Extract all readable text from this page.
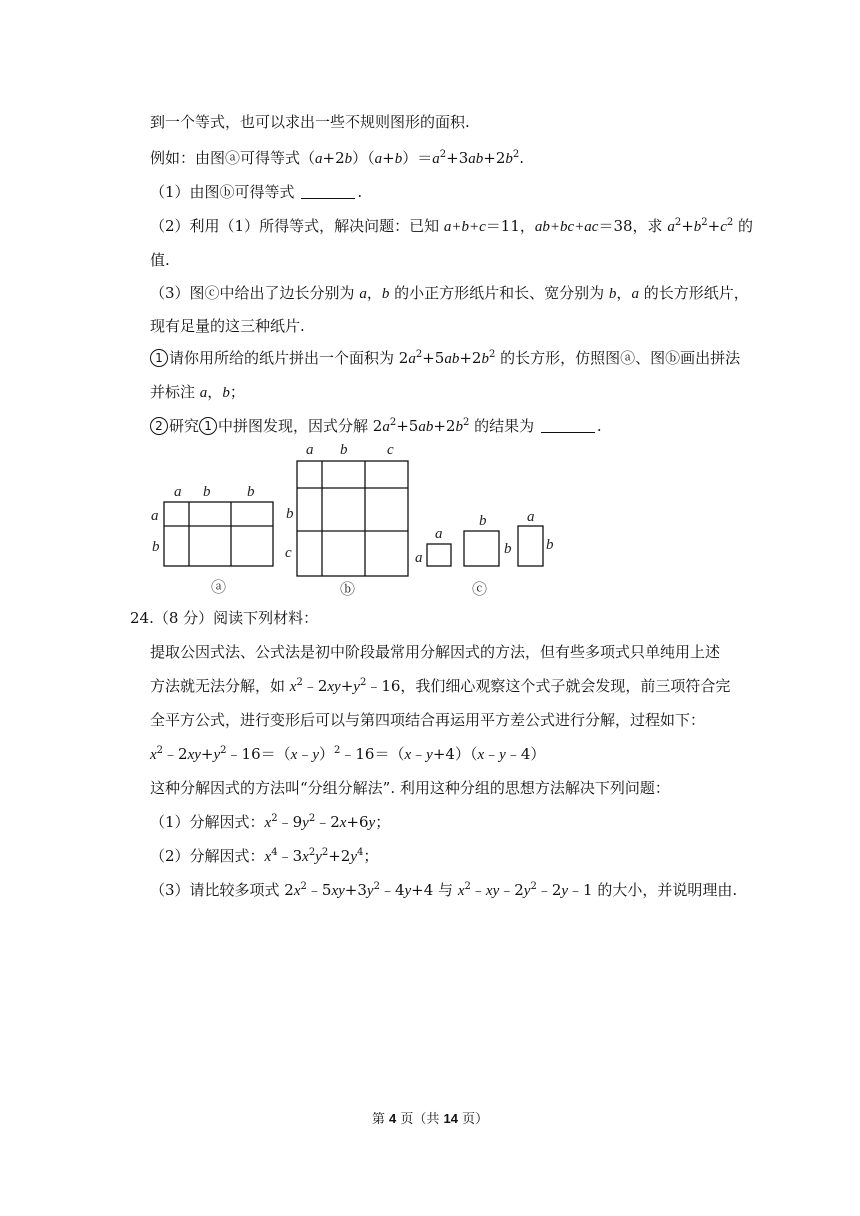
到一个等式，也可以求出一些不规则图形的面积.
例如：由图ⓐ可得等式$(a+2b)(a+b)=a^2+3ab+2b^2$.
（1）由图ⓑ可得等式	.
（2）利用（1）所得等式，解决问题：已知 a+b+c＝11，ab+bc+ac＝38，求 $a^2+b^2+c^2$ 的
值.
（3）图ⓒ中给出了边长分别为 a，b 的小正方形纸片和长、宽分别为 b，a 的长方形纸片，
现有足量的这三种纸片.
1 请你用所给的纸片拼出一个面积为 $2a^2+5ab+2b^2$ 的长方形，仿照图ⓐ、图ⓑ画出拼法
并标注 a，b；
2 研究 1 中拼图发现，因式分解 $2a^2+5ab+2b^2$ 的结果为	.
a b b
a
b
ⓐ
a b	c
b
c
ⓑ
a
a
b
b
a
b
ⓒ
24.（8 分）阅读下列材料：
提取公因式法、公式法是初中阶段最常用分解因式的方法，但有些多项式只单纯用上述
方法就无法分解，如 $x^2﹣2xy+y^2﹣16$，我们细心观察这个式子就会发现，前三项符合完
全平方公式，进行变形后可以与第四项结合再运用平方差公式进行分解，过程如下：
$x^2﹣2xy+y^2﹣16=(x﹣y)^2﹣16=(x﹣y+4)(x﹣y﹣4)$
这种分解因式的方法叫“分组分解法”. 利用这种分组的思想方法解决下列问题：
（1）分解因式：$x^2﹣9y^2﹣2x+6y$；
（2）分解因式：$x^4﹣3x^2y^2+2y^4$；
（3）请比较多项式 $2x^2﹣5xy+3y^2﹣4y+4$ 与 $x^2﹣xy﹣2y^2﹣2y﹣1$ 的大小，并说明理由.
第 4 页（共 14 页）
